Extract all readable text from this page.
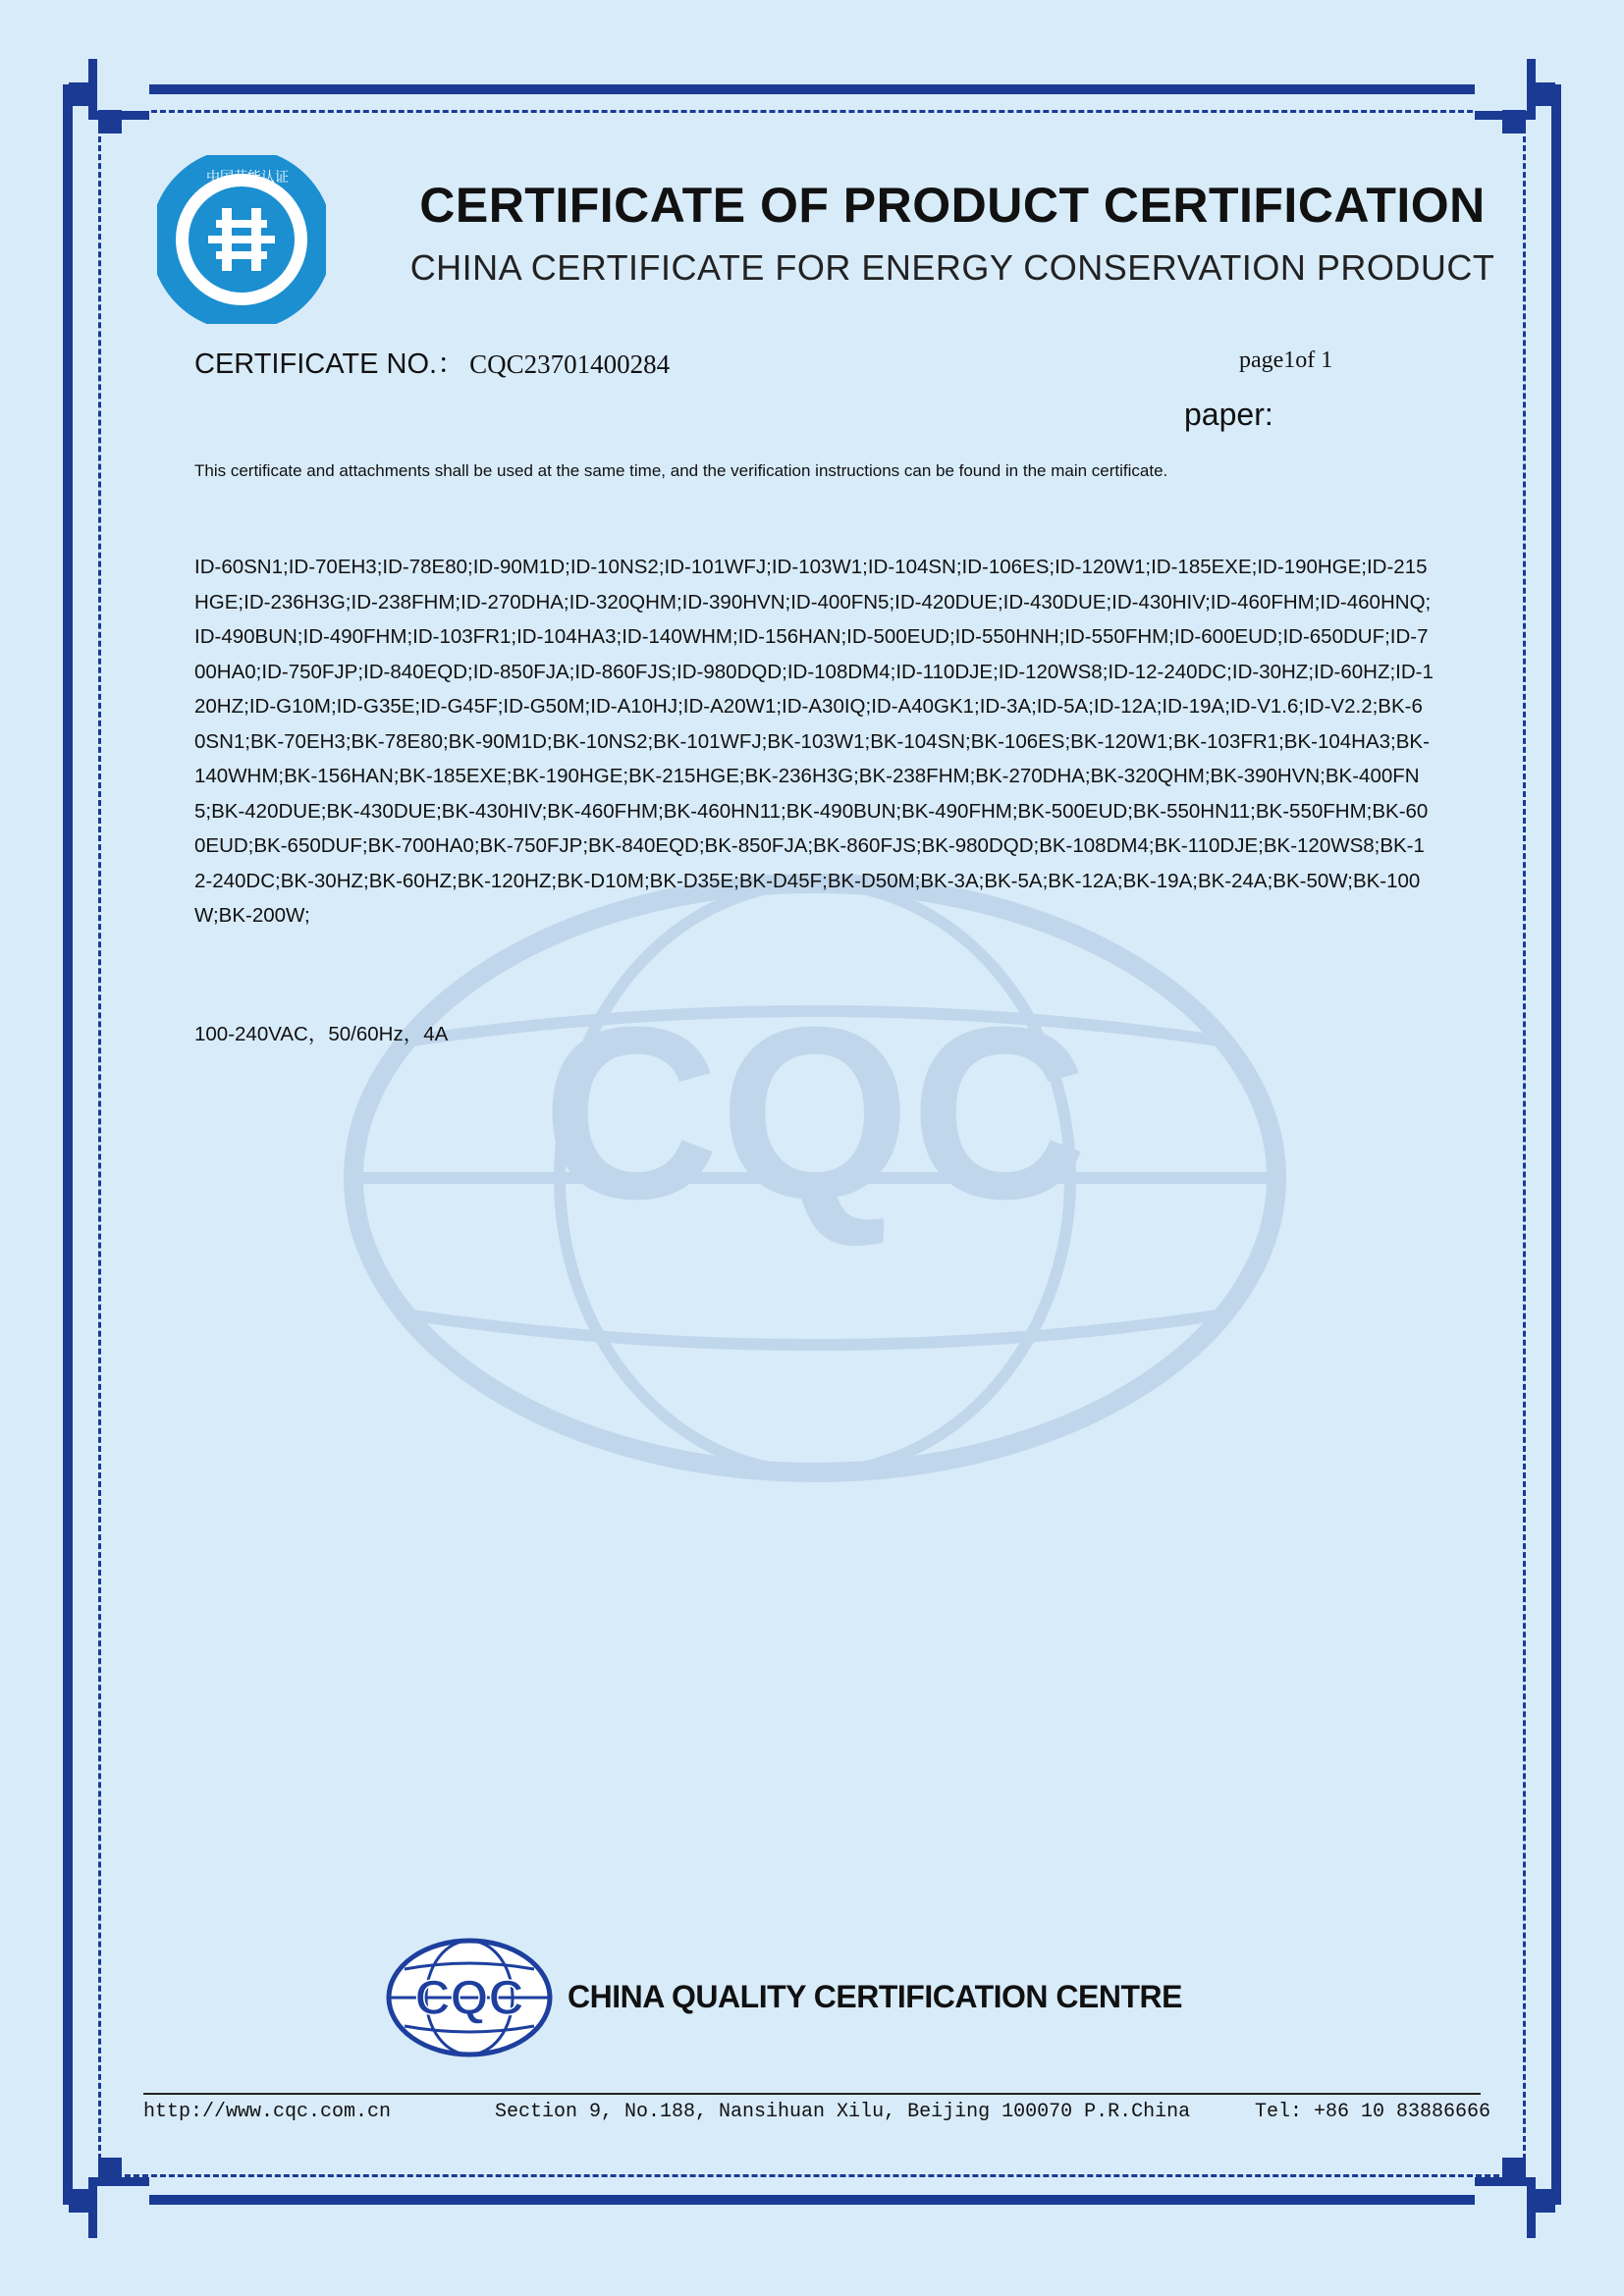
CQC
中国节能认证	CERTIFICATE OF PRODUCT CERTIFICATION
CHINA CERTIFICATE FOR ENERGY CONSERVATION PRODUCT
CERTIFICATE NO.： CQC23701400284	page1of 1
paper:
This certificate and attachments shall be used at the same time, and the verification instructions can be found in the main certificate.
ID-60SN1;ID-70EH3;ID-78E80;ID-90M1D;ID-10NS2;ID-101WFJ;ID-103W1;ID-104SN;ID-106ES;ID-120W1;ID-185EXE;ID-190HGE;ID-215HGE;ID-236H3G;ID-238FHM;ID-270DHA;ID-320QHM;ID-390HVN;ID-400FN5;ID-420DUE;ID-430DUE;ID-430HIV;ID-460FHM;ID-460HNQ;ID-490BUN;ID-490FHM;ID-103FR1;ID-104HA3;ID-140WHM;ID-156HAN;ID-500EUD;ID-550HNH;ID-550FHM;ID-600EUD;ID-650DUF;ID-700HA0;ID-750FJP;ID-840EQD;ID-850FJA;ID-860FJS;ID-980DQD;ID-108DM4;ID-110DJE;ID-120WS8;ID-12-240DC;ID-30HZ;ID-60HZ;ID-120HZ;ID-G10M;ID-G35E;ID-G45F;ID-G50M;ID-A10HJ;ID-A20W1;ID-A30IQ;ID-A40GK1;ID-3A;ID-5A;ID-12A;ID-19A;ID-V1.6;ID-V2.2;BK-60SN1;BK-70EH3;BK-78E80;BK-90M1D;BK-10NS2;BK-101WFJ;BK-103W1;BK-104SN;BK-106ES;BK-120W1;BK-103FR1;BK-104HA3;BK-140WHM;BK-156HAN;BK-185EXE;BK-190HGE;BK-215HGE;BK-236H3G;BK-238FHM;BK-270DHA;BK-320QHM;BK-390HVN;BK-400FN5;BK-420DUE;BK-430DUE;BK-430HIV;BK-460FHM;BK-460HN11;BK-490BUN;BK-490FHM;BK-500EUD;BK-550HN11;BK-550FHM;BK-600EUD;BK-650DUF;BK-700HA0;BK-750FJP;BK-840EQD;BK-850FJA;BK-860FJS;BK-980DQD;BK-108DM4;BK-110DJE;BK-120WS8;BK-12-240DC;BK-30HZ;BK-60HZ;BK-120HZ;BK-D10M;BK-D35E;BK-D45F;BK-D50M;BK-3A;BK-5A;BK-12A;BK-19A;BK-24A;BK-50W;BK-100W;BK-200W;
100-240VAC，50/60Hz，4A
CQC CHINA QUALITY CERTIFICATION CENTRE
http://www.cqc.com.cn	Section 9, No.188, Nansihuan Xilu, Beijing 100070 P.R.China	Tel: +86 10 83886666
